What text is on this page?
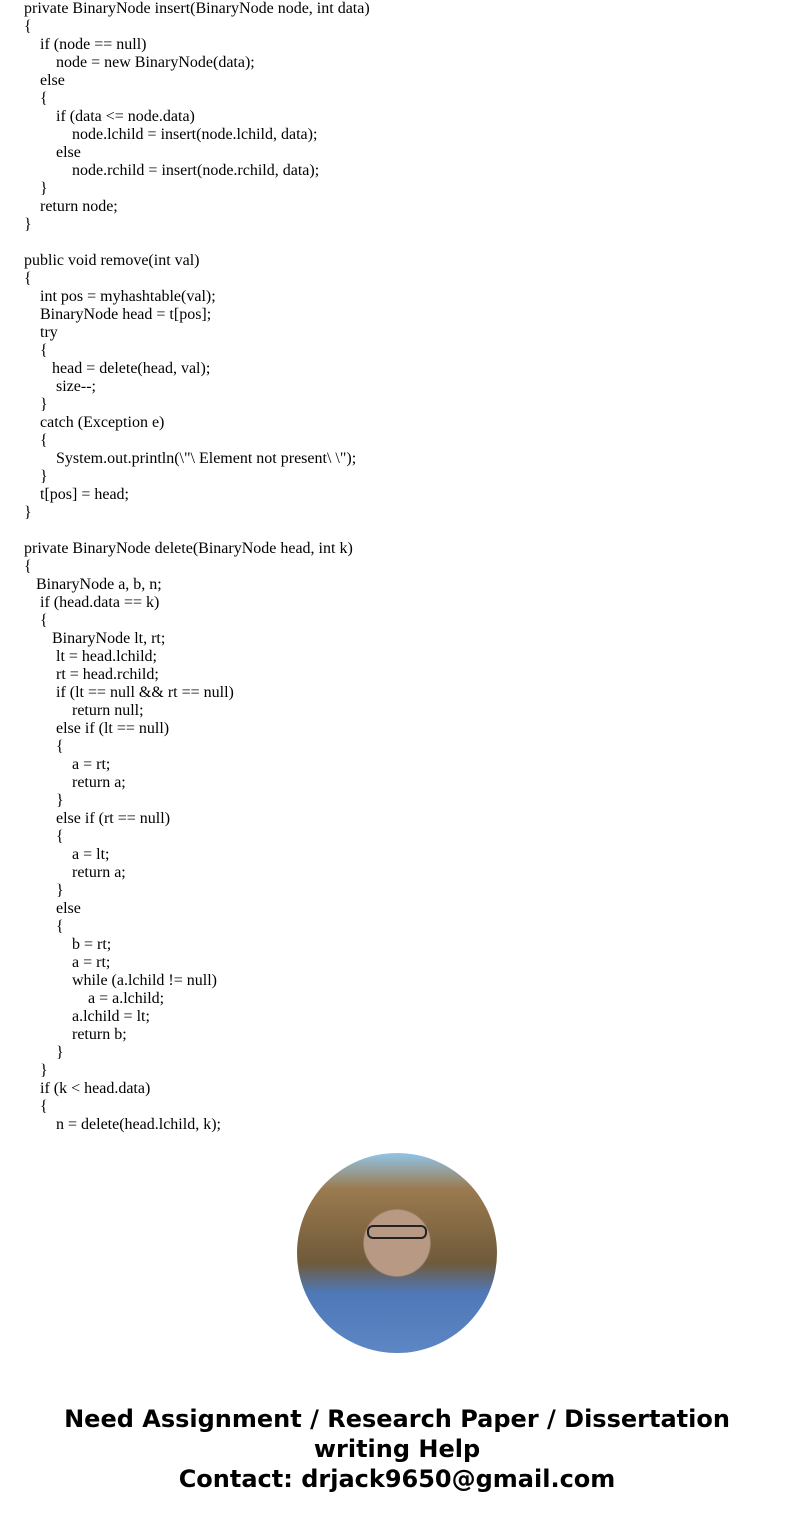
private BinaryNode insert(BinaryNode node, int data)
{
if (node == null)
node = new BinaryNode(data);
else
{
if (data <= node.data)
node.lchild = insert(node.lchild, data);
else
node.rchild = insert(node.rchild, data);
}
return node;
}

public void remove(int val)
{
int pos = myhashtable(val);
BinaryNode head = t[pos];
try
{
head = delete(head, val);
size--;
}
catch (Exception e)
{
System.out.println(\"\ Element not present\ \");
}
t[pos] = head;
}

private BinaryNode delete(BinaryNode head, int k)
{
BinaryNode a, b, n;
if (head.data == k)
{
BinaryNode lt, rt;
lt = head.lchild;
rt = head.rchild;
if (lt == null && rt == null)
return null;
else if (lt == null)
{
a = rt;
return a;
}
else if (rt == null)
{
a = lt;
return a;
}
else
{
b = rt;
a = rt;
while (a.lchild != null)
a = a.lchild;
a.lchild = lt;
return b;
}
}
if (k < head.data)
{
n = delete(head.lchild, k);
Need Assignment / Research Paper / Dissertation
writing Help
Contact: drjack9650@gmail.com
